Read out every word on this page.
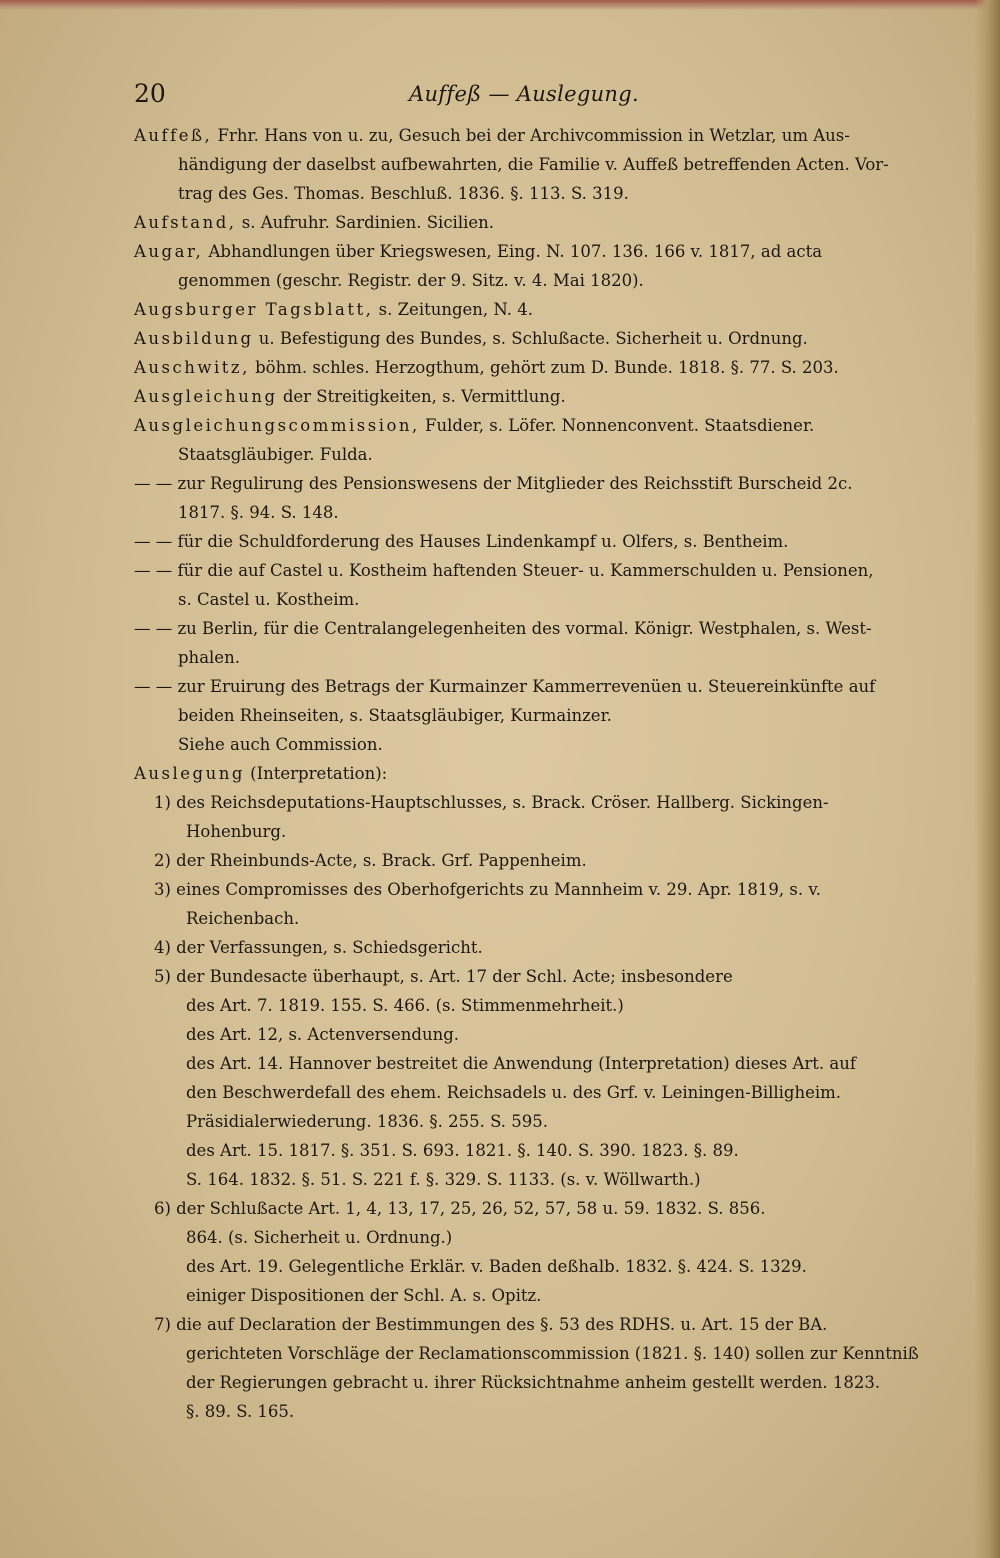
20	Auffeß — Auslegung.
Auffeß, Frhr. Hans von u. zu, Gesuch bei der Archivcommission in Wetzlar, um Aus-
händigung der daselbst aufbewahrten, die Familie v. Auffeß betreffenden Acten. Vor-
trag des Ges. Thomas. Beschluß. 1836. §. 113. S. 319.
Aufstand, s. Aufruhr. Sardinien. Sicilien.
Augar, Abhandlungen über Kriegswesen, Eing. N. 107. 136. 166 v. 1817, ad acta
genommen (geschr. Registr. der 9. Sitz. v. 4. Mai 1820).
Augsburger Tagsblatt, s. Zeitungen, N. 4.
Ausbildung u. Befestigung des Bundes, s. Schlußacte. Sicherheit u. Ordnung.
Auschwitz, böhm. schles. Herzogthum, gehört zum D. Bunde. 1818. §. 77. S. 203.
Ausgleichung der Streitigkeiten, s. Vermittlung.
Ausgleichungscommission, Fulder, s. Löfer. Nonnenconvent. Staatsdiener.
Staatsgläubiger. Fulda.
— — zur Regulirung des Pensionswesens der Mitglieder des Reichsstift Burscheid 2c.
1817. §. 94. S. 148.
— — für die Schuldforderung des Hauses Lindenkampf u. Olfers, s. Bentheim.
— — für die auf Castel u. Kostheim haftenden Steuer- u. Kammerschulden u. Pensionen,
s. Castel u. Kostheim.
— — zu Berlin, für die Centralangelegenheiten des vormal. Königr. Westphalen, s. West-
phalen.
— — zur Eruirung des Betrags der Kurmainzer Kammerrevenüen u. Steuereinkünfte auf
beiden Rheinseiten, s. Staatsgläubiger, Kurmainzer.
Siehe auch Commission.
Auslegung (Interpretation):
1) des Reichsdeputations-Hauptschlusses, s. Brack. Cröser. Hallberg. Sickingen-
Hohenburg.
2) der Rheinbunds-Acte, s. Brack. Grf. Pappenheim.
3) eines Compromisses des Oberhofgerichts zu Mannheim v. 29. Apr. 1819, s. v.
Reichenbach.
4) der Verfassungen, s. Schiedsgericht.
5) der Bundesacte überhaupt, s. Art. 17 der Schl. Acte; insbesondere
des Art. 7. 1819. 155. S. 466. (s. Stimmenmehrheit.)
des Art. 12, s. Actenversendung.
des Art. 14. Hannover bestreitet die Anwendung (Interpretation) dieses Art. auf
den Beschwerdefall des ehem. Reichsadels u. des Grf. v. Leiningen-Billigheim.
Präsidialerwiederung. 1836. §. 255. S. 595.
des Art. 15. 1817. §. 351. S. 693. 1821. §. 140. S. 390. 1823. §. 89.
S. 164. 1832. §. 51. S. 221 f. §. 329. S. 1133. (s. v. Wöllwarth.)
6) der Schlußacte Art. 1, 4, 13, 17, 25, 26, 52, 57, 58 u. 59. 1832. S. 856.
864. (s. Sicherheit u. Ordnung.)
des Art. 19. Gelegentliche Erklär. v. Baden deßhalb. 1832. §. 424. S. 1329.
einiger Dispositionen der Schl. A. s. Opitz.
7) die auf Declaration der Bestimmungen des §. 53 des RDHS. u. Art. 15 der BA.
gerichteten Vorschläge der Reclamationscommission (1821. §. 140) sollen zur Kenntniß
der Regierungen gebracht u. ihrer Rücksichtnahme anheim gestellt werden. 1823.
§. 89. S. 165.
